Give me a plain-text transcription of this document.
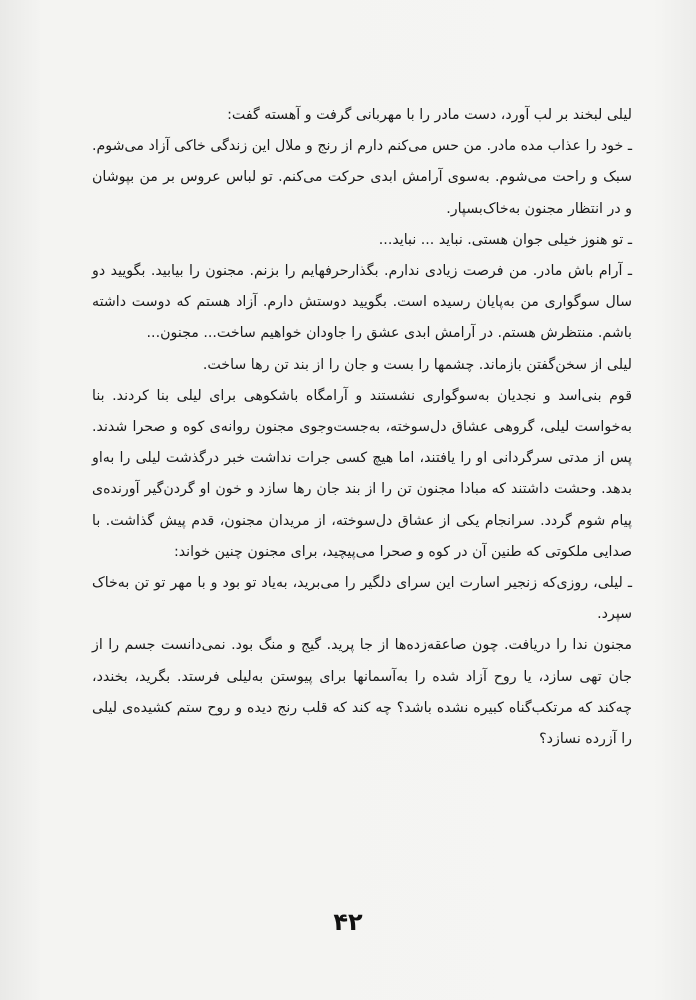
لیلی لبخند بر لب آورد، دست مادر را با مهربانی گرفت و آهسته گفت:

ـ خود را عذاب مده مادر. من حس می‌کنم دارم از رنج و ملال این زندگی خاکی آزاد می‌شوم. سبک و راحت می‌شوم. به‌سوی آرامش ابدی حرکت می‌کنم. تو لباس عروس بر من بپوشان و در انتظار مجنون به‌خاک‌بسپار.

ـ تو هنوز خیلی جوان هستی. نباید ... نباید...

ـ آرام باش مادر. من فرصت زیادی ندارم. بگذارحرفهایم را بزنم. مجنون را بیابید. بگویید دو سال سوگواری من به‌پایان رسیده است. بگویید دوستش دارم. آزاد هستم که دوست داشته باشم. منتظرش هستم. در آرامش ابدی عشق را جاودان خواهیم ساخت... مجنون...

لیلی از سخن‌گفتن بازماند. چشمها را بست و جان را از بند تن رها ساخت.

قوم بنی‌اسد و نجدیان به‌سوگواری نشستند و آرامگاه باشکوهی برای لیلی بنا کردند. بنا به‌خواست لیلی، گروهی عشاق دل‌سوخته، به‌جست‌وجوی مجنون روانه‌ی کوه و صحرا شدند. پس از مدتی سرگردانی او را یافتند، اما هیچ کسی جرات نداشت خبر درگذشت لیلی را به‌او بدهد. وحشت داشتند که مبادا مجنون تن را از بند جان رها سازد و خون او گردن‌گیر آورنده‌ی پیام شوم گردد. سرانجام یکی از عشاق دل‌سوخته، از مریدان مجنون، قدم پیش گذاشت. با صدایی ملکوتی که طنین آن در کوه و صحرا می‌پیچید، برای مجنون چنین خواند:

ـ لیلی، روزی‌که زنجیر اسارت این سرای دلگیر را می‌برید، به‌یاد تو بود و با مهر تو تن به‌خاک سپرد.

مجنون ندا را دریافت. چون صاعقه‌زده‌ها از جا پرید. گیج و منگ بود. نمی‌دانست جسم را از جان تهی سازد، یا روح آزاد شده را به‌آسمانها برای پیوستن به‌لیلی فرستد. بگرید، بخندد، چه‌کند که مرتکب‌گناه کبیره نشده باشد؟ چه کند که قلب رنج دیده و روح ستم کشیده‌ی لیلی را آزرده نسازد؟

۴۲
